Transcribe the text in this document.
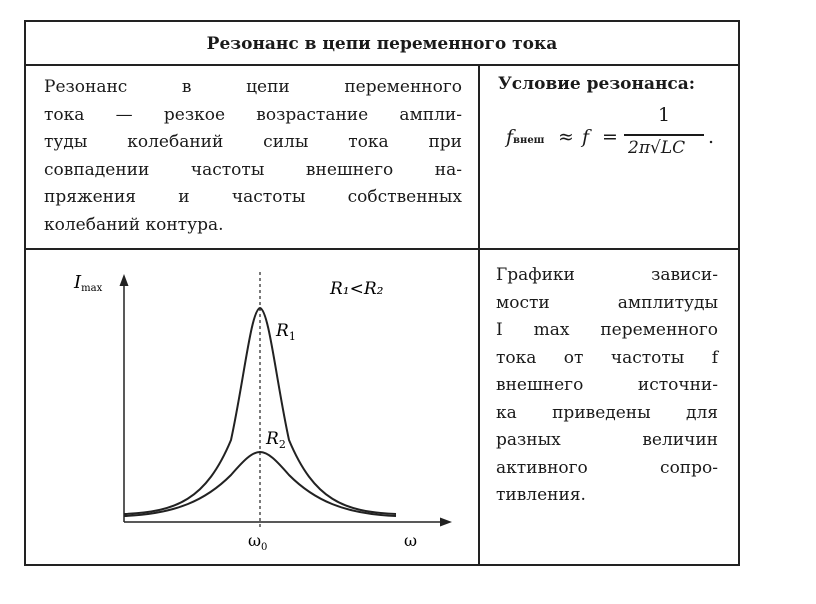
Резонанс в цепи переменного тока
Резонанс в цепи переменного
тока — резкое возрастание ампли-
туды колебаний силы тока при
совпадении частоты внешнего на-
пряжения и частоты собственных
колебаний контура.
Условие резонанса:
fвнеш ≈ f =
1
2π√LC .
Imax	R₁<R₂
$R_1$
$R_2$
$\omega_0$	ω
Графики зависи-
мости амплитуды
I max переменного
тока от частоты f
внешнего источни-
ка приведены для
разных величин
активного сопро-
тивления.
